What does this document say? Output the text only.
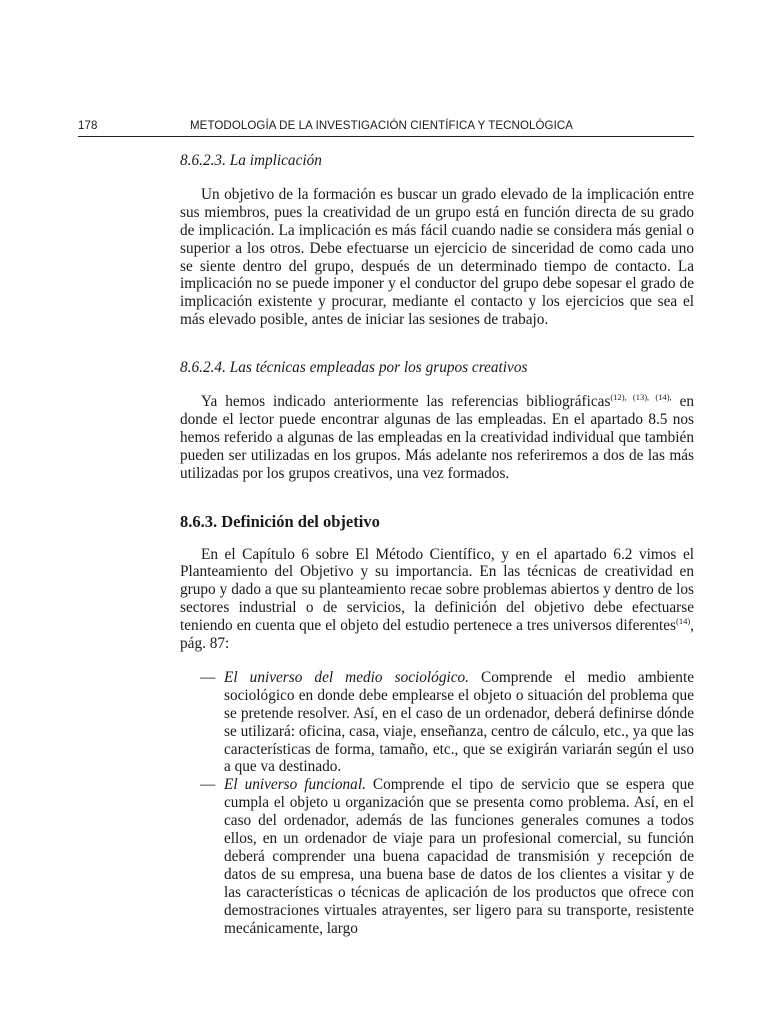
178	METODOLOGÍA DE LA INVESTIGACIÓN CIENTÍFICA Y TECNOLÓGICA
8.6.2.3. La implicación

Un objetivo de la formación es buscar un grado elevado de la implicación entre sus miembros, pues la creatividad de un grupo está en función directa de su grado de implicación. La implicación es más fácil cuando nadie se considera más genial o superior a los otros. Debe efectuarse un ejercicio de sinceridad de como cada uno se siente dentro del grupo, después de un determinado tiempo de contacto. La implicación no se puede imponer y el conductor del grupo debe sopesar el grado de implicación existente y procurar, mediante el contacto y los ejercicios que sea el más elevado posible, antes de iniciar las sesiones de trabajo.

8.6.2.4. Las técnicas empleadas por los grupos creativos

Ya hemos indicado anteriormente las referencias bibliográficas$^{(12), (13), (14),}$ en donde el lector puede encontrar algunas de las empleadas. En el apartado 8.5 nos hemos referido a algunas de las empleadas en la creatividad individual que también pueden ser utilizadas en los grupos. Más adelante nos referiremos a dos de las más utilizadas por los grupos creativos, una vez formados.

8.6.3. Definición del objetivo

En el Capítulo 6 sobre El Método Científico, y en el apartado 6.2 vimos el Planteamiento del Objetivo y su importancia. En las técnicas de creatividad en grupo y dado a que su planteamiento recae sobre problemas abiertos y dentro de los sectores industrial o de servicios, la definición del objetivo debe efectuarse teniendo en cuenta que el objeto del estudio pertenece a tres universos diferentes$^{(14)}$, pág. 87:

— El universo del medio sociológico. Comprende el medio ambiente sociológico en donde debe emplearse el objeto o situación del problema que se pretende resolver. Así, en el caso de un ordenador, deberá definirse dónde se utilizará: oficina, casa, viaje, enseñanza, centro de cálculo, etc., ya que las características de forma, tamaño, etc., que se exigirán variarán según el uso a que va destinado.
— El universo funcional. Comprende el tipo de servicio que se espera que cumpla el objeto u organización que se presenta como problema. Así, en el caso del ordenador, además de las funciones generales comunes a todos ellos, en un ordenador de viaje para un profesional comercial, su función deberá comprender una buena capacidad de transmisión y recepción de datos de su empresa, una buena base de datos de los clientes a visitar y de las características o técnicas de aplicación de los productos que ofrece con demostraciones virtuales atrayentes, ser ligero para su transporte, resistente mecánicamente, largo
